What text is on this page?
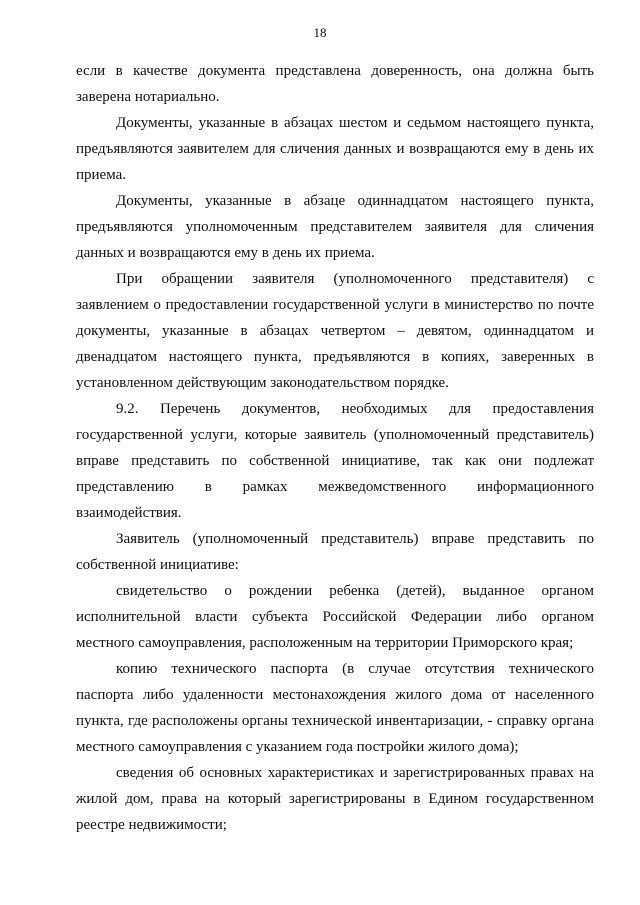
18
если в качестве документа представлена доверенность, она должна быть
заверена нотариально.
Документы, указанные в абзацах шестом и седьмом настоящего пункта,
предъявляются заявителем для сличения данных и возвращаются ему в день их
приема.
Документы, указанные в абзаце одиннадцатом настоящего пункта,
предъявляются уполномоченным представителем заявителя для сличения
данных и возвращаются ему в день их приема.
При обращении заявителя (уполномоченного представителя) с
заявлением о предоставлении государственной услуги в министерство по почте
документы, указанные в абзацах четвертом – девятом, одиннадцатом и
двенадцатом настоящего пункта, предъявляются в копиях, заверенных в
установленном действующим законодательством порядке.
9.2. Перечень документов, необходимых для предоставления
государственной услуги, которые заявитель (уполномоченный представитель)
вправе представить по собственной инициативе, так как они подлежат
представлению в рамках межведомственного информационного
взаимодействия.
Заявитель (уполномоченный представитель) вправе представить по
собственной инициативе:
свидетельство о рождении ребенка (детей), выданное органом
исполнительной власти субъекта Российской Федерации либо органом
местного самоуправления, расположенным на территории Приморского края;
копию технического паспорта (в случае отсутствия технического
паспорта либо удаленности местонахождения жилого дома от населенного
пункта, где расположены органы технической инвентаризации, - справку органа
местного самоуправления с указанием года постройки жилого дома);
сведения об основных характеристиках и зарегистрированных правах на
жилой дом, права на который зарегистрированы в Едином государственном
реестре недвижимости;
